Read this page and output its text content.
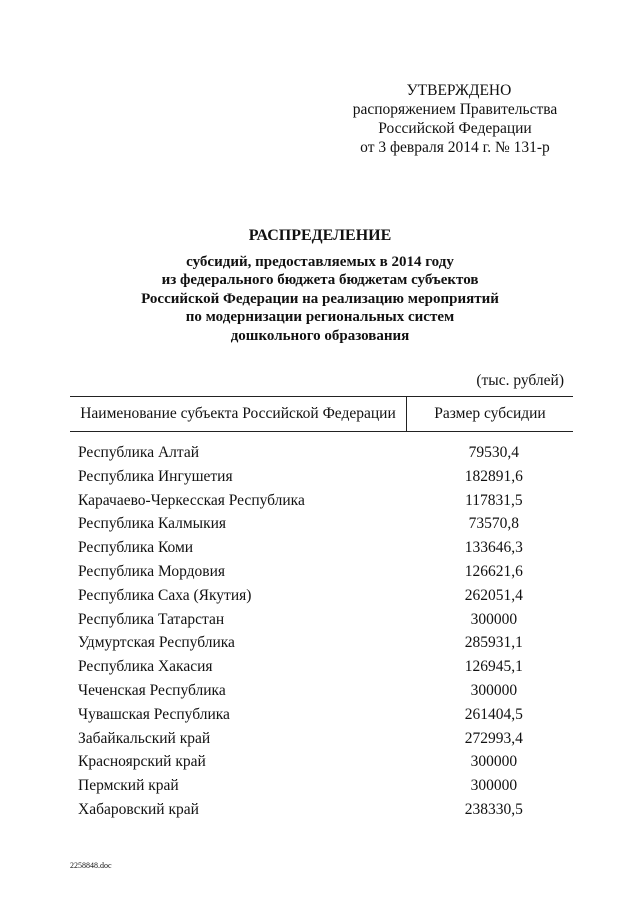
УТВЕРЖДЕНО
распоряжением Правительства
Российской Федерации
от 3 февраля 2014 г. № 131-р
РАСПРЕДЕЛЕНИЕ
субсидий, предоставляемых в 2014 году
из федерального бюджета бюджетам субъектов
Российской Федерации на реализацию мероприятий
по модернизации региональных систем
дошкольного образования
(тыс. рублей)
Наименование субъекта Российской Федерации	Размер субсидии
Республика Алтай	79530,4
Республика Ингушетия	182891,6
Карачаево-Черкесская Республика	117831,5
Республика Калмыкия	73570,8
Республика Коми	133646,3
Республика Мордовия	126621,6
Республика Саха (Якутия)	262051,4
Республика Татарстан	300000
Удмуртская Республика	285931,1
Республика Хакасия	126945,1
Чеченская Республика	300000
Чувашская Республика	261404,5
Забайкальский край	272993,4
Красноярский край	300000
Пермский край	300000
Хабаровский край	238330,5
2258848.doc
